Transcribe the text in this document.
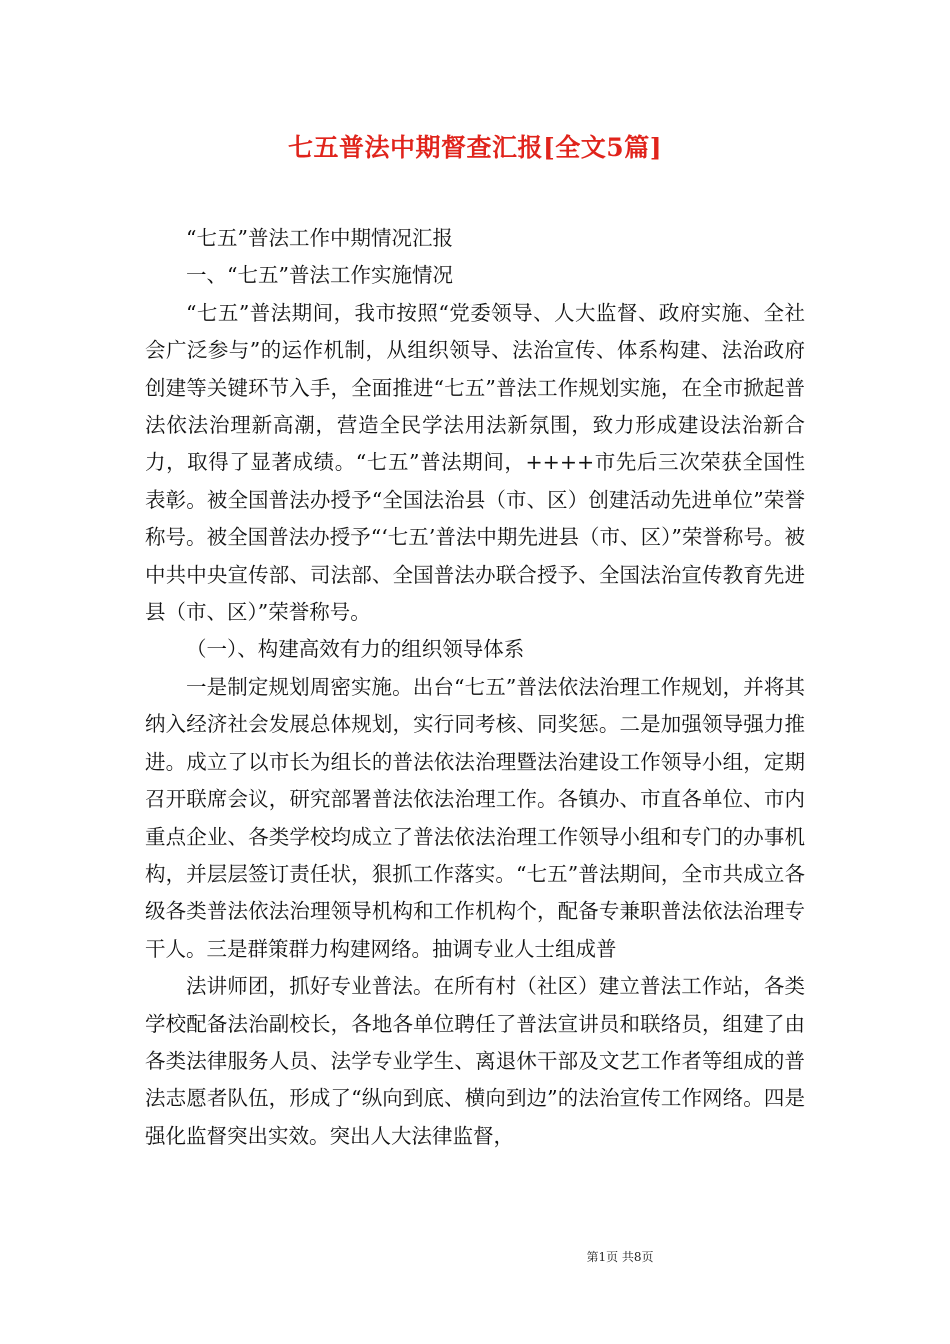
七五普法中期督查汇报[全文5篇]

“七五”普法工作中期情况汇报

一、“七五”普法工作实施情况

“七五”普法期间，我市按照“党委领导、人大监督、政府实施、全社会广泛参与”的运作机制，从组织领导、法治宣传、体系构建、法治政府创建等关键环节入手，全面推进“七五”普法工作规划实施，在全市掀起普法依法治理新高潮，营造全民学法用法新氛围，致力形成建设法治新合力，取得了显著成绩。“七五”普法期间，++++市先后三次荣获全国性表彰。被全国普法办授予“全国法治县（市、区）创建活动先进单位”荣誉称号。被全国普法办授予“‘七五’普法中期先进县（市、区）”荣誉称号。被中共中央宣传部、司法部、全国普法办联合授予、全国法治宣传教育先进县（市、区）”荣誉称号。

（一）、构建高效有力的组织领导体系

一是制定规划周密实施。出台“七五”普法依法治理工作规划，并将其纳入经济社会发展总体规划，实行同考核、同奖惩。二是加强领导强力推进。成立了以市长为组长的普法依法治理暨法治建设工作领导小组，定期召开联席会议，研究部署普法依法治理工作。各镇办、市直各单位、市内重点企业、各类学校均成立了普法依法治理工作领导小组和专门的办事机构，并层层签订责任状，狠抓工作落实。“七五”普法期间，全市共成立各级各类普法依法治理领导机构和工作机构个，配备专兼职普法依法治理专干人。三是群策群力构建网络。抽调专业人士组成普

法讲师团，抓好专业普法。在所有村（社区）建立普法工作站，各类学校配备法治副校长，各地各单位聘任了普法宣讲员和联络员，组建了由各类法律服务人员、法学专业学生、离退休干部及文艺工作者等组成的普法志愿者队伍，形成了“纵向到底、横向到边”的法治宣传工作网络。四是强化监督突出实效。突出人大法律监督，

第1页 共8页
